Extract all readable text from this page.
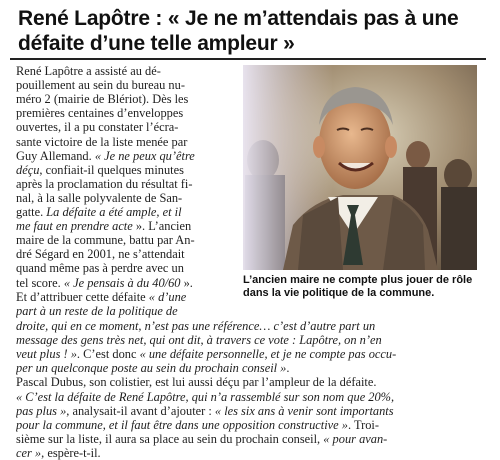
René Lapôtre : « Je ne m’attendais pas à une
défaite d’une telle ampleur »
René Lapôtre a assisté au dé-
pouillement au sein du bureau nu-
méro 2 (mairie de Blériot). Dès les
premières centaines d’enveloppes
ouvertes, il a pu constater l’écra-
sante victoire de la liste menée par
Guy Allemand. « Je ne peux qu’être
déçu, confiait-il quelques minutes
après la proclamation du résultat fi-
nal, à la salle polyvalente de San-
gatte. La défaite a été ample, et il
me faut en prendre acte ». L’ancien
maire de la commune, battu par An-
dré Ségard en 2001, ne s’attendait
quand même pas à perdre avec un
tel score. « Je pensais à du 40/60 ».
Et d’attribuer cette défaite « d’une
part à un reste de la politique de
droite, qui en ce moment, n’est pas une référence… c’est d’autre part un
message des gens très net, qui ont dit, à travers ce vote : Lapôtre, on n’en
veut plus ! ». C’est donc « une défaite personnelle, et je ne compte pas occu-
per un quelconque poste au sein du prochain conseil ».
Pascal Dubus, son colistier, est lui aussi déçu par l’ampleur de la défaite.
« C’est la défaite de René Lapôtre, qui n’a rassemblé sur son nom que 20%,
pas plus », analysait-il avant d’ajouter : « les six ans à venir sont importants
pour la commune, et il faut être dans une opposition constructive ». Troi-
sième sur la liste, il aura sa place au sein du prochain conseil, « pour avan-
cer », espère-t-il.
L’ancien maire ne compte plus jouer de rôle dans la vie politique de la commune.
